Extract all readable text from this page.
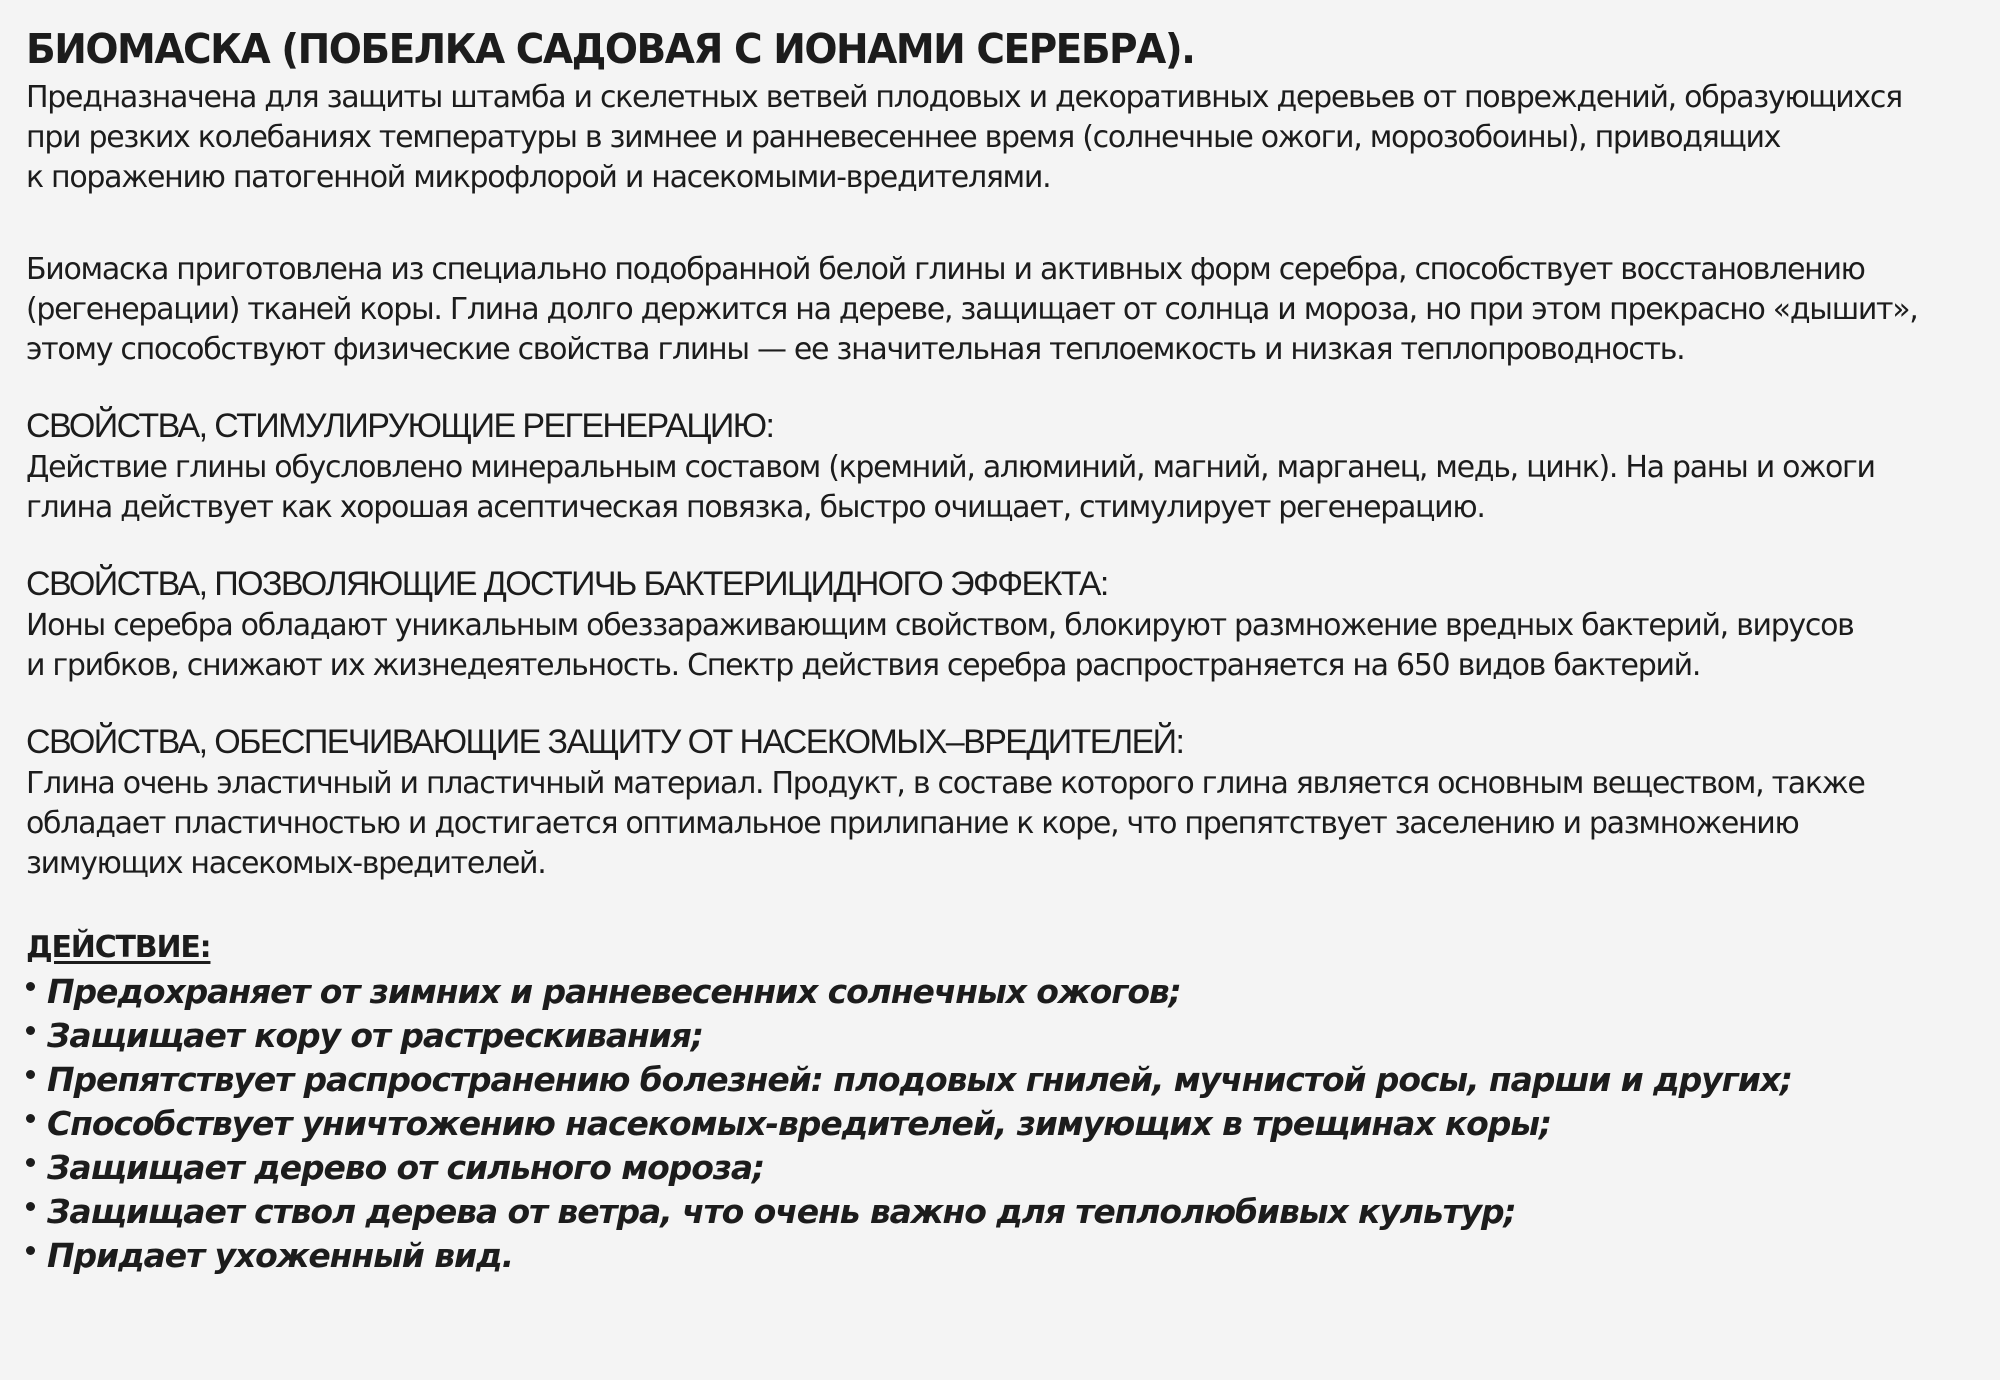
БИОМАСКА (ПОБЕЛКА САДОВАЯ С ИОНАМИ СЕРЕБРА).
Предназначена для защиты штамба и скелетных ветвей плодовых и декоративных деревьев от повреждений, образующихся
при резких колебаниях температуры в зимнее и ранневесеннее время (солнечные ожоги, морозобоины), приводящих
к поражению патогенной микрофлорой и насекомыми-вредителями.
Биомаска приготовлена из специально подобранной белой глины и активных форм серебра, способствует восстановлению
(регенерации) тканей коры. Глина долго держится на дереве, защищает от солнца и мороза, но при этом прекрасно «дышит»,
этому способствуют физические свойства глины — ее значительная теплоемкость и низкая теплопроводность.
СВОЙСТВА, СТИМУЛИРУЮЩИЕ РЕГЕНЕРАЦИЮ:
Действие глины обусловлено минеральным составом (кремний, алюминий, магний, марганец, медь, цинк). На раны и ожоги
глина действует как хорошая асептическая повязка, быстро очищает, стимулирует регенерацию.
СВОЙСТВА, ПОЗВОЛЯЮЩИЕ ДОСТИЧЬ БАКТЕРИЦИДНОГО ЭФФЕКТА:
Ионы серебра обладают уникальным обеззараживающим свойством, блокируют размножение вредных бактерий, вирусов
и грибков, снижают их жизнедеятельность. Спектр действия серебра распространяется на 650 видов бактерий.
СВОЙСТВА, ОБЕСПЕЧИВАЮЩИЕ ЗАЩИТУ ОТ НАСЕКОМЫХ–ВРЕДИТЕЛЕЙ:
Глина очень эластичный и пластичный материал. Продукт, в составе которого глина является основным веществом, также
обладает пластичностью и достигается оптимальное прилипание к коре, что препятствует заселению и размножению
зимующих насекомых-вредителей.
ДЕЙСТВИЕ:
Предохраняет от зимних и ранневесенних солнечных ожогов;
Защищает кору от растрескивания;
Препятствует распространению болезней: плодовых гнилей, мучнистой росы, парши и других;
Способствует уничтожению насекомых-вредителей, зимующих в трещинах коры;
Защищает дерево от сильного мороза;
Защищает ствол дерева от ветра, что очень важно для теплолюбивых культур;
Придает ухоженный вид.
